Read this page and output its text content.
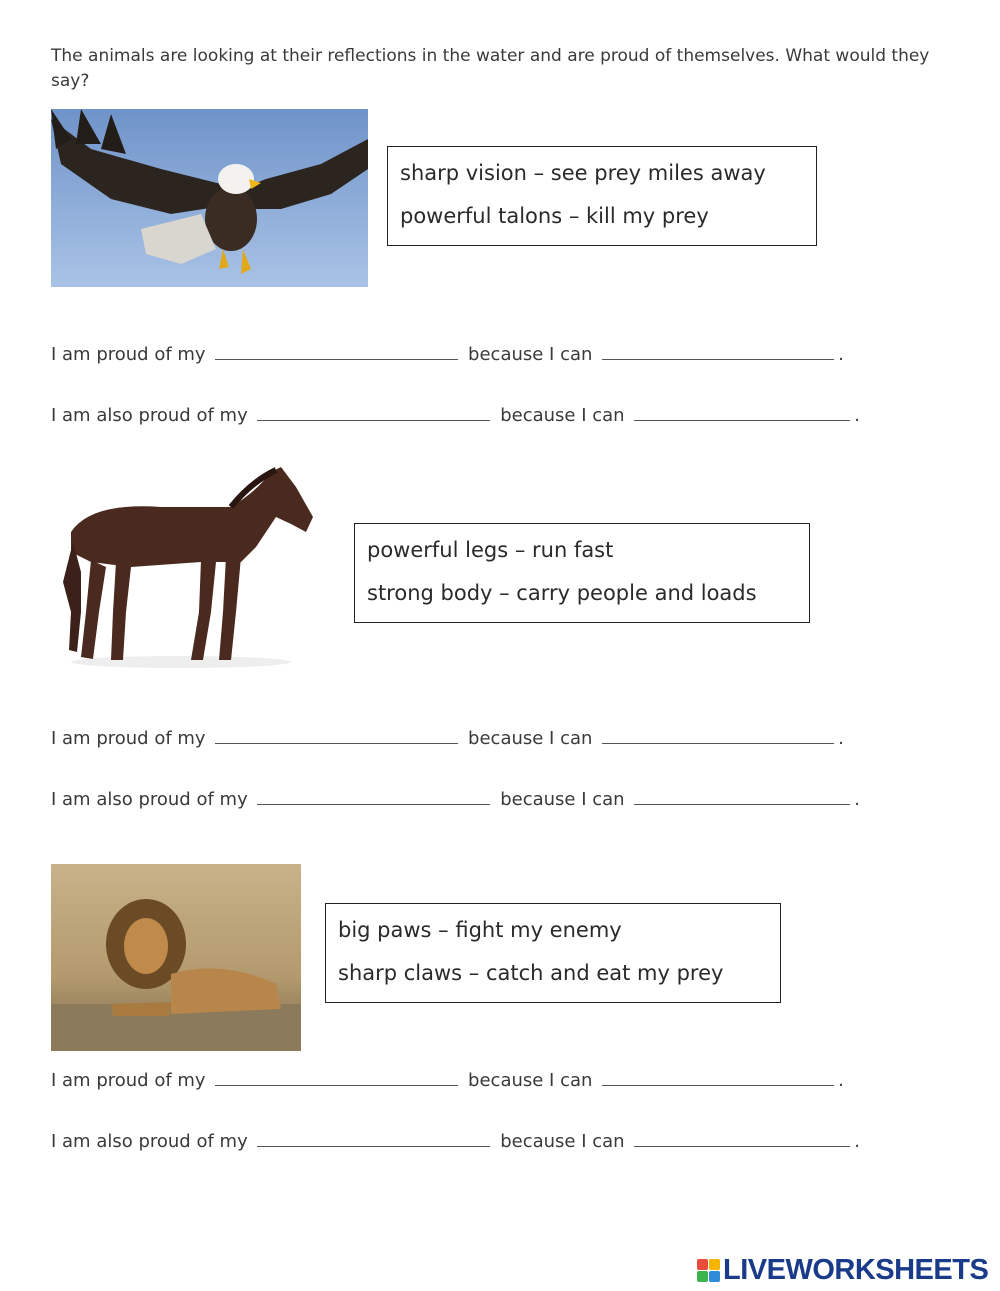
The animals are looking at their reflections in the water and are proud of themselves. What would they say?
sharp vision – see prey miles away
powerful talons – kill my prey
I am proud of my	because I can	.
I am also proud of my	because I can	.
powerful legs – run fast
strong body – carry people and loads
I am proud of my	because I can	.
I am also proud of my	because I can	.
big paws – fight my enemy
sharp claws – catch and eat my prey
I am proud of my	because I can	.
I am also proud of my	because I can	.
LIVEWORKSHEETS
